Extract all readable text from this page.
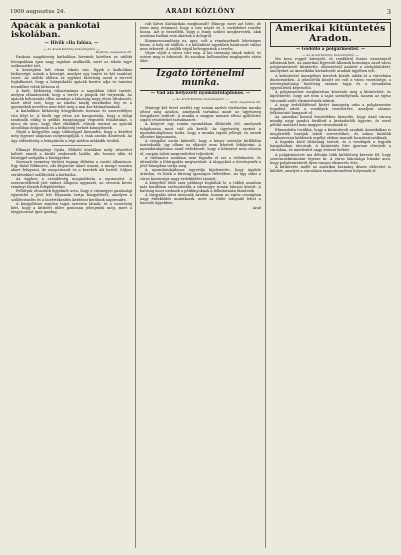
1909 augusztus 24.	ARADI KÖZLÖNY	3

Apácák a pankotai iskolában.

— Hivők «Ila falúsa. —

— Az Aradi Közlöny tudósítójától. —

Pankota, augusztus 23.

Pankota nagyközség katholikus hiveinek körében az utóbbi hónapokban igen nagy izgalom uralkodik, mert az iskola ügye szóbeszédet tett.

A községben két elemi iskola van. Egyik a katholikus hitközségé, másik a községé, amelyet egy tanitó és két tanitónő vezet. Az utóbbi időben az egyházi bizottság azzal a tervvel foglalkozott, hogy a leányiskolát apácák kezére adja és tanitási teendőket velük láttassa el.

A kath. hitközség választmánya a napokban ülést tartott, melyen elhatározták, hogy a tervet a püspök elé terjesztik. Az apácák behozatala ellen azonban a lakosság nagy része tiltakozott, mert attól tart, hogy az iskolai tandíj emelkedni fog és a gyermekek nevelése nem felel meg a mai kor kívánalmainak.

A katholikus hitközség közgyűlésén hosszas és szenvedélyes vita folyt le. A hivők egy része azt hangoztatta, hogy a világi tanitónők eddig is példás buzgósággal végezték feladatukat, s nincs ok arra, hogy őket elküldjék. Mások szerint az apácák olcsóbban dolgoznak és a hitközség terheit könnyítenék.

Végül a közgyűlés nagy többséggel kimondta, hogy a kérdést még egyszer alaposan megvizsgálják, s csak azután döntenek. Az ügy eldöntéséig a leányiskola a régi módon működik tovább.

Elhunyt Ebergényi Gyula. Előkelő körökben mély részvétet keltett ennek a kiváló embernek halála, aki hosszú időn át hűséggel szolgálta a közügyeket.

Szomorú esemény történt tegnap délután a vasúti állomáson. Egy fiatal földmives, aki Kisjenőre akart utazni, a mozgó vonatra akart felugrani, de megcsúszott és a kerekek alá került. Súlyos sérülésekkel szállították a kórházba.

Az ügyben a csendőrség megindította a nyomozást. A szerencsétlenül járt ember állapota aggasztó, az orvosok kevés reményt fűznek felépüléséhez.

Felhívjuk olvasóink figyelmét arra, hogy a vármegyei gazdasági egyesület a jövő hét folyamán tartja közgyűlését, amelyen a szőlőtermelés és a borértékesítés kérdései kerülnek napirendre.

A közgyűlésre minden tagot szívesen látnak, és a vezetőség kéri, hogy a kitűzött időre pontosan jelenjenek meg, mert a tárgysorozat igen gazdag.

ralt Kővei Kárhárikán meghiusult? Elmegy, mert azt hitte, de tiren még örömmel, hogy a ház népét és a cselédeket rendbe hozza. Azt is beszélték, hogy a leány szüleit megkeresték, akik azonban hallani sem akartak a dologról.

Kommencsamlóság ez, igaz, volt a reményeknek lehetséges lenne. A hely ott elállott, s a különböző ügyekben határozott válasz nem érkezett. A szülők végül beleegyeztek a tervbe.

Végre eljött a várva várt nap. A kis társaság útnak indult, és estére meg is érkeztek. Itt azonban kellemetlen meglepetés várta őket.

Izgató történelmi munka.

— Vád alá helyezett nyomdatulajdonos. —

— Az Aradi Közlöny tudósítójától. —

Arad, augusztus 23.

Mintegy két évvel ezelőtt egy román nyelvű történelmi munka jelent meg Aradon, amelynek tartalma miatt az ügyészség vizsgálatot indított. A munka a magyar nemzet elleni gyűlöletre izgató részleteket tartalmazott.

A könyvet egy román nyomdában állították elő, amelynek tulajdonosa most vád alá került. Az ügyészség szerint a nyomdatulajdonos tudta, hogy a munka izgató jellegű, és ennek ellenére kinyomatta.

A vizsgálat során kiderült, hogy a könyv szerzője külföldön tartózkodik, így ellene az eljárást nem lehetett lefolytatni. A nyomdatulajdonos azzal védekezett, hogy a kéziratot nem olvasta el, csupán üzleti megrendelést teljesített.

A vádtanács azonban nem fogadta el ezt a védekezést, és elrendelte a főtárgyalás megtartását. A tárgyalást a törvényszék a jövő hónapban tartja meg.

A nyomdatulajdonos ügyvédje kijelentette, hogy ügyfele ártatlan, és bízik a bíróság igazságos ítéletében. Az ügy iránt a város közönsége nagy érdeklődést tanúsít.

A könyvből több száz példányt foglaltak le, a többit azonban már korábban szétosztották a vármegye román lakosai között. A hatóság most ezeknek a példányoknak a felkutatásán fáradozik.

A tárgyalás iránt nemcsak Aradon, hanem az egész országban nagy érdeklődés mutatkozik, mert az ítélet irányadó lehet a hasonló ügyekben.

Arad

Amerikai kitüntetés Aradon.

— Gödöllő a polgármester. —

— Az Aradi Közlöny tudósítójától. —

Ma kora reggel kiterjedt, és rendkívül fontos eseményről adhatunk hírt. Az amerikai Egyesült Államok kormánya Arad város polgármesterét kitüntette, elismerésül azokért a szolgálatokért, amelyeket az Amerikába kivándorolt aradiak ügyében tett.

A kitüntetést ünnepélyes keretek között adták át a városháza dísztermében. A jelenlévők között ott volt a város vezetősége, a törvényhatósági bizottság számos tagja és a társadalmi egyesületek képviselői.

A polgármester meghatottan köszönte meg a kitüntetést, és kijelentette, hogy azt nem a saját személyének, hanem az egész városnak szóló elismerésnek tekinti.

A nagy érdeklődéssel kísért ünnepség után a polgármester fogadást adott a vendégek tiszteletére, amelyen számos felköszöntő hangzott el.

Az amerikai konzul beszédében kiemelte, hogy Arad városa mindig nagy gondot fordított a kivándorlók ügyeire, és ezzel példát mutatott más magyar városoknak is.

Elmondotta továbbá, hogy a kivándorolt aradiak Amerikában is megőrizték hazájuk iránti szeretetüket, és sokan közülük rendszeresen küldenek segélyt otthon maradt hozzátartozóiknak.

A fogadás késő délutánig tartott, és a vendégek a legjobb hangulatban távoztak. A kitüntetés híre gyorsan elterjedt a városban, és mindenütt nagy örömet keltett.

A polgármestert ma délután több küldöttség kereste fel, hogy szerencsekívánatait fejezze ki. A város lakossága büszke arra, hogy polgármesterét ilyen rangos elismerés érte.

A kitüntetés mellé az amerikai kormány díszes oklevelet is küldött, amelyet a városháza tanácstermében helyeznek el.
